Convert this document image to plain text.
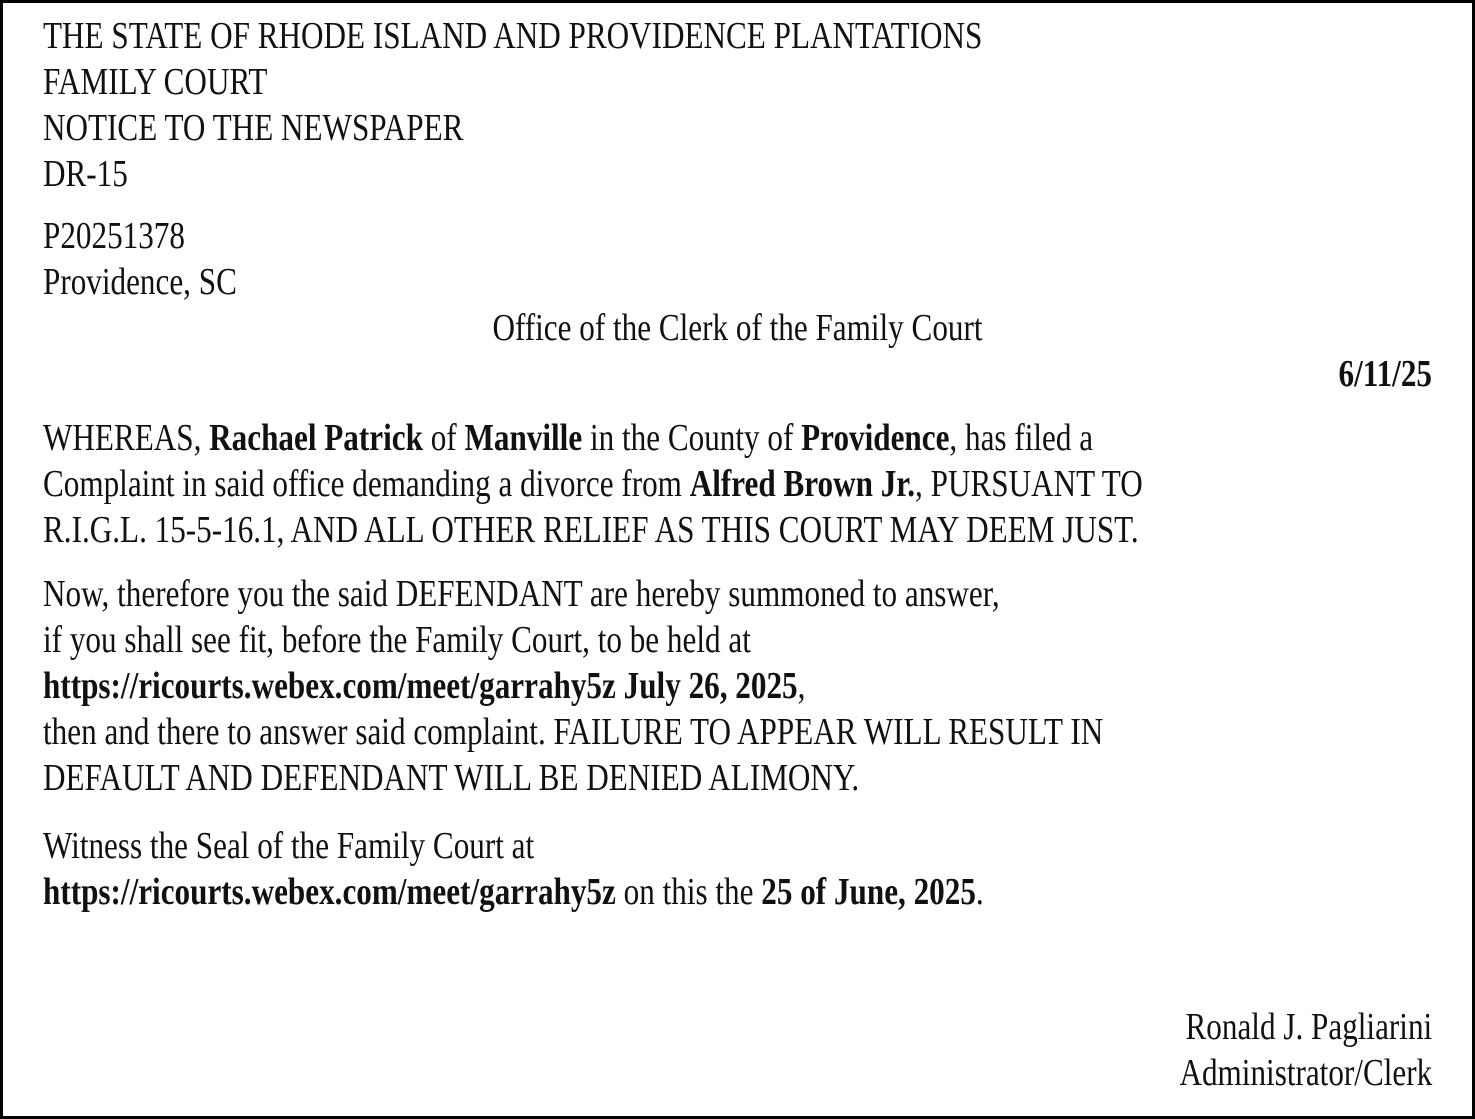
THE STATE OF RHODE ISLAND AND PROVIDENCE PLANTATIONS
FAMILY COURT
NOTICE TO THE NEWSPAPER
DR-15
P20251378
Providence, SC
Office of the Clerk of the Family Court
6/11/25
WHEREAS, Rachael Patrick of Manville in the County of Providence, has filed a
Complaint in said office demanding a divorce from Alfred Brown Jr., PURSUANT TO
R.I.G.L. 15-5-16.1, AND ALL OTHER RELIEF AS THIS COURT MAY DEEM JUST.
Now, therefore you the said DEFENDANT are hereby summoned to answer,
if you shall see fit, before the Family Court, to be held at
https://ricourts.webex.com/meet/garrahy5z July 26, 2025,
then and there to answer said complaint. FAILURE TO APPEAR WILL RESULT IN
DEFAULT AND DEFENDANT WILL BE DENIED ALIMONY.
Witness the Seal of the Family Court at
https://ricourts.webex.com/meet/garrahy5z on this the 25 of June, 2025.
Ronald J. Pagliarini
Administrator/Clerk
